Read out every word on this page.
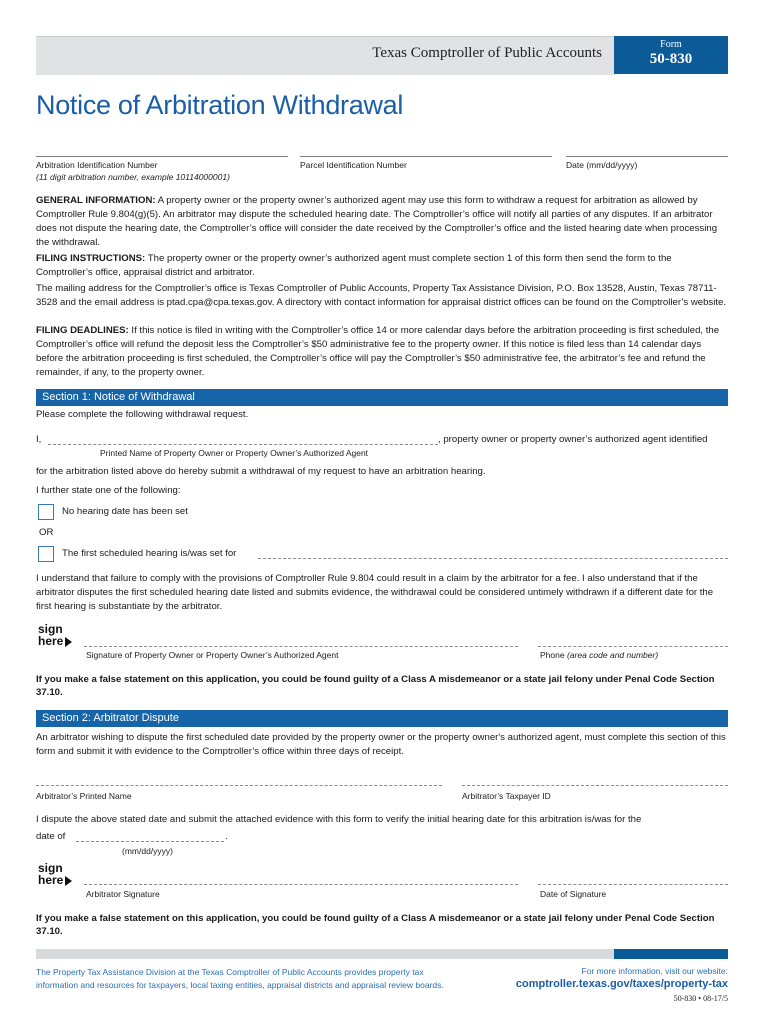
Texas Comptroller of Public Accounts
Form
50-830
Notice of Arbitration Withdrawal
Arbitration Identification Number
(11 digit arbitration number, example 10114000001)
Parcel Identification Number	Date (mm/dd/yyyy)
GENERAL INFORMATION: A property owner or the property owner’s authorized agent may use this form to withdraw a request for arbitration as allowed by Comptroller Rule 9.804(g)(5). An arbitrator may dispute the scheduled hearing date. The Comptroller’s office will notify all parties of any disputes. If an arbitrator does not dispute the hearing date, the Comptroller’s office will consider the date received by the Comptroller’s office and the listed hearing date when processing the withdrawal.
FILING INSTRUCTIONS: The property owner or the property owner’s authorized agent must complete section 1 of this form then send the form to the Comptroller’s office, appraisal district and arbitrator.
The mailing address for the Comptroller’s office is Texas Comptroller of Public Accounts, Property Tax Assistance Division, P.O. Box 13528, Austin, Texas 78711-3528 and the email address is ptad.cpa@cpa.texas.gov. A directory with contact information for appraisal district offices can be found on the Comptroller’s website.
FILING DEADLINES: If this notice is filed in writing with the Comptroller’s office 14 or more calendar days before the arbitration proceeding is first scheduled, the Comptroller’s office will refund the deposit less the Comptroller’s $50 administrative fee to the property owner. If this notice is filed less than 14 calendar days before the arbitration proceeding is first scheduled, the Comptroller’s office will pay the Comptroller’s $50 administrative fee, the arbitrator’s fee and refund the remainder, if any, to the property owner.
Section 1: Notice of Withdrawal
Please complete the following withdrawal request.
I,	, property owner or property owner’s authorized agent identified
Printed Name of Property Owner or Property Owner’s Authorized Agent
for the arbitration listed above do hereby submit a withdrawal of my request to have an arbitration hearing.
I further state one of the following:
No hearing date has been set
OR
The first scheduled hearing is/was set for
I understand that failure to comply with the provisions of Comptroller Rule 9.804 could result in a claim by the arbitrator for a fee. I also understand that if the arbitrator disputes the first scheduled hearing date listed and submits evidence, the withdrawal could be considered untimely withdrawn if a different date for the first hearing is substantiate by the arbitrator.
sign
here
Signature of Property Owner or Property Owner’s Authorized Agent	Phone (area code and number)
If you make a false statement on this application, you could be found guilty of a Class A misdemeanor or a state jail felony under Penal Code Section 37.10.
Section 2: Arbitrator Dispute
An arbitrator wishing to dispute the first scheduled date provided by the property owner or the property owner's authorized agent, must complete this section of this form and submit it with evidence to the Comptroller’s office within three days of receipt.
Arbitrator’s Printed Name	Arbitrator’s Taxpayer ID
I dispute the above stated date and submit the attached evidence with this form to verify the initial hearing date for this arbitration is/was for the
date of	.
(mm/dd/yyyy)
sign
here
Arbitrator Signature	Date of Signature
If you make a false statement on this application, you could be found guilty of a Class A misdemeanor or a state jail felony under Penal Code Section 37.10.
The Property Tax Assistance Division at the Texas Comptroller of Public Accounts provides property tax
information and resources for taxpayers, local taxing entities, appraisal districts and appraisal review boards.
For more information, visit our website:
comptroller.texas.gov/taxes/property-tax
50-830 • 08-17/5
